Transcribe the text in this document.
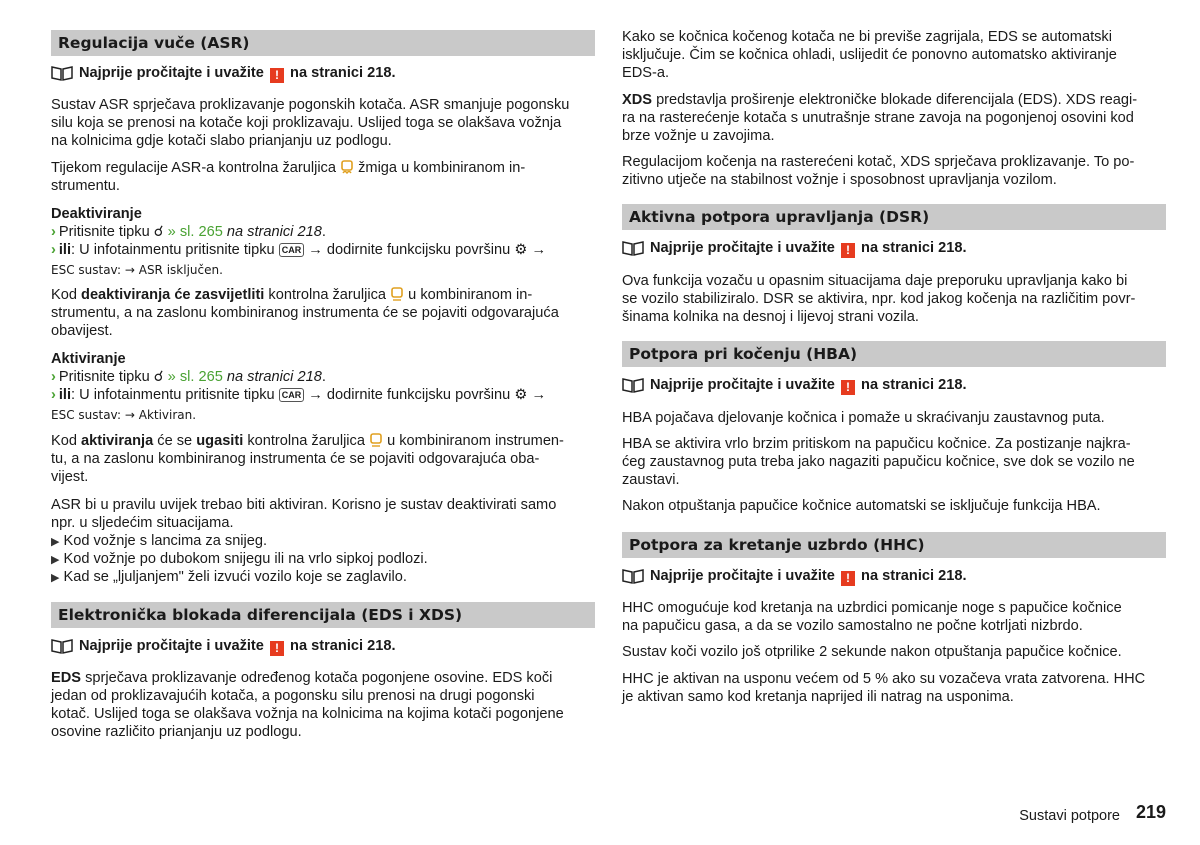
Regulacija vuče (ASR)
Najprije pročitajte i uvažite ! na stranici 218.

Sustav ASR sprječava proklizavanje pogonskih kotača. ASR smanjuje pogonsku
silu koja se prenosi na kotače koji proklizavaju. Uslijed toga se olakšava vožnja
na kolnicima gdje kotači slabo prianjanju uz podlogu.

Tijekom regulacije ASR-a kontrolna žaruljica žmiga u kombiniranom in-
strumentu.

Deaktiviranje
› Pritisnite tipku ☌ » sl. 265 na stranici 218.
› ili: U infotainmentu pritisnite tipku CAR → dodirnite funkcijsku površinu ⚙ →
ESC sustav: → ASR isključen.

Kod deaktiviranja će zasvijetliti kontrolna žaruljica u kombiniranom in-
strumentu, a na zaslonu kombiniranog instrumenta će se pojaviti odgovarajuća
obavijest.

Aktiviranje
› Pritisnite tipku ☌ » sl. 265 na stranici 218.
› ili: U infotainmentu pritisnite tipku CAR → dodirnite funkcijsku površinu ⚙ →
ESC sustav: → Aktiviran.

Kod aktiviranja će se ugasiti kontrolna žaruljica u kombiniranom instrumen-
tu, a na zaslonu kombiniranog instrumenta će se pojaviti odgovarajuća oba-
vijest.

ASR bi u pravilu uvijek trebao biti aktiviran. Korisno je sustav deaktivirati samo
npr. u sljedećim situacijama.

▶ Kod vožnje s lancima za snijeg.
▶ Kod vožnje po dubokom snijegu ili na vrlo sipkoj podlozi.
▶ Kad se „ljuljanjem" želi izvući vozilo koje se zaglavilo.
Elektronička blokada diferencijala (EDS i XDS)
Najprije pročitajte i uvažite ! na stranici 218.

EDS sprječava proklizavanje određenog kotača pogonjene osovine. EDS koči
jedan od proklizavajućih kotača, a pogonsku silu prenosi na drugi pogonski
kotač. Uslijed toga se olakšava vožnja na kolnicima na kojima kotači pogonjene
osovine različito prianjanju uz podlogu.

Kako se kočnica kočenog kotača ne bi previše zagrijala, EDS se automatski
isključuje. Čim se kočnica ohladi, uslijedit će ponovno automatsko aktiviranje
EDS-a.

XDS predstavlja proširenje elektroničke blokade diferencijala (EDS). XDS reagi-
ra na rasterećenje kotača s unutrašnje strane zavoja na pogonjenoj osovini kod
brze vožnje u zavojima.

Regulacijom kočenja na rasterećeni kotač, XDS sprječava proklizavanje. To po-
zitivno utječe na stabilnost vožnje i sposobnost upravljanja vozilom.

Aktivna potpora upravljanja (DSR)
Najprije pročitajte i uvažite ! na stranici 218.

Ova funkcija vozaču u opasnim situacijama daje preporuku upravljanja kako bi
se vozilo stabiliziralo. DSR se aktivira, npr. kod jakog kočenja na različitim povr-
šinama kolnika na desnoj i lijevoj strani vozila.

Potpora pri kočenju (HBA)
Najprije pročitajte i uvažite ! na stranici 218.

HBA pojačava djelovanje kočnica i pomaže u skraćivanju zaustavnog puta.

HBA se aktivira vrlo brzim pritiskom na papučicu kočnice. Za postizanje najkra-
ćeg zaustavnog puta treba jako nagaziti papučicu kočnice, sve dok se vozilo ne
zaustavi.

Nakon otpuštanja papučice kočnice automatski se isključuje funkcija HBA.

Potpora za kretanje uzbrdo (HHC)
Najprije pročitajte i uvažite ! na stranici 218.

HHC omogućuje kod kretanja na uzbrdici pomicanje noge s papučice kočnice
na papučicu gasa, a da se vozilo samostalno ne počne kotrljati nizbrdo.

Sustav koči vozilo još otprilike 2 sekunde nakon otpuštanja papučice kočnice.

HHC je aktivan na usponu većem od 5 % ako su vozačeva vrata zatvorena. HHC
je aktivan samo kod kretanja naprijed ili natrag na usponima.

Sustavi potpore 219
